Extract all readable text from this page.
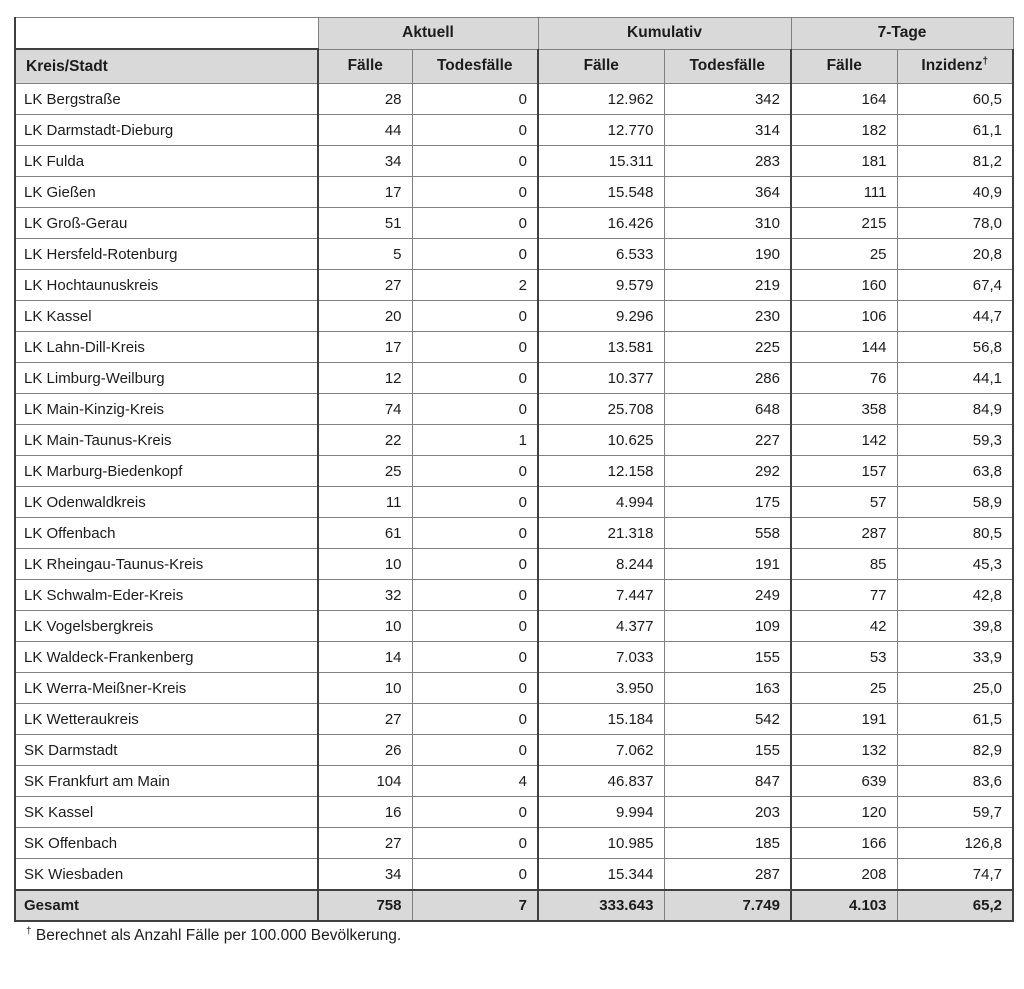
	Aktuell		Kumulativ		7-Tage	
Kreis/Stadt	Fälle	Todesfälle	Fälle	Todesfälle	Fälle	Inzidenz†
LK Bergstraße	28	0	12.962	342	164	60,5
LK Darmstadt-Dieburg	44	0	12.770	314	182	61,1
LK Fulda	34	0	15.311	283	181	81,2
LK Gießen	17	0	15.548	364	111	40,9
LK Groß-Gerau	51	0	16.426	310	215	78,0
LK Hersfeld-Rotenburg	5	0	6.533	190	25	20,8
LK Hochtaunuskreis	27	2	9.579	219	160	67,4
LK Kassel	20	0	9.296	230	106	44,7
LK Lahn-Dill-Kreis	17	0	13.581	225	144	56,8
LK Limburg-Weilburg	12	0	10.377	286	76	44,1
LK Main-Kinzig-Kreis	74	0	25.708	648	358	84,9
LK Main-Taunus-Kreis	22	1	10.625	227	142	59,3
LK Marburg-Biedenkopf	25	0	12.158	292	157	63,8
LK Odenwaldkreis	11	0	4.994	175	57	58,9
LK Offenbach	61	0	21.318	558	287	80,5
LK Rheingau-Taunus-Kreis	10	0	8.244	191	85	45,3
LK Schwalm-Eder-Kreis	32	0	7.447	249	77	42,8
LK Vogelsbergkreis	10	0	4.377	109	42	39,8
LK Waldeck-Frankenberg	14	0	7.033	155	53	33,9
LK Werra-Meißner-Kreis	10	0	3.950	163	25	25,0
LK Wetteraukreis	27	0	15.184	542	191	61,5
SK Darmstadt	26	0	7.062	155	132	82,9
SK Frankfurt am Main	104	4	46.837	847	639	83,6
SK Kassel	16	0	9.994	203	120	59,7
SK Offenbach	27	0	10.985	185	166	126,8
SK Wiesbaden	34	0	15.344	287	208	74,7
Gesamt	758	7	333.643	7.749	4.103	65,2
† Berechnet als Anzahl Fälle per 100.000 Bevölkerung.
